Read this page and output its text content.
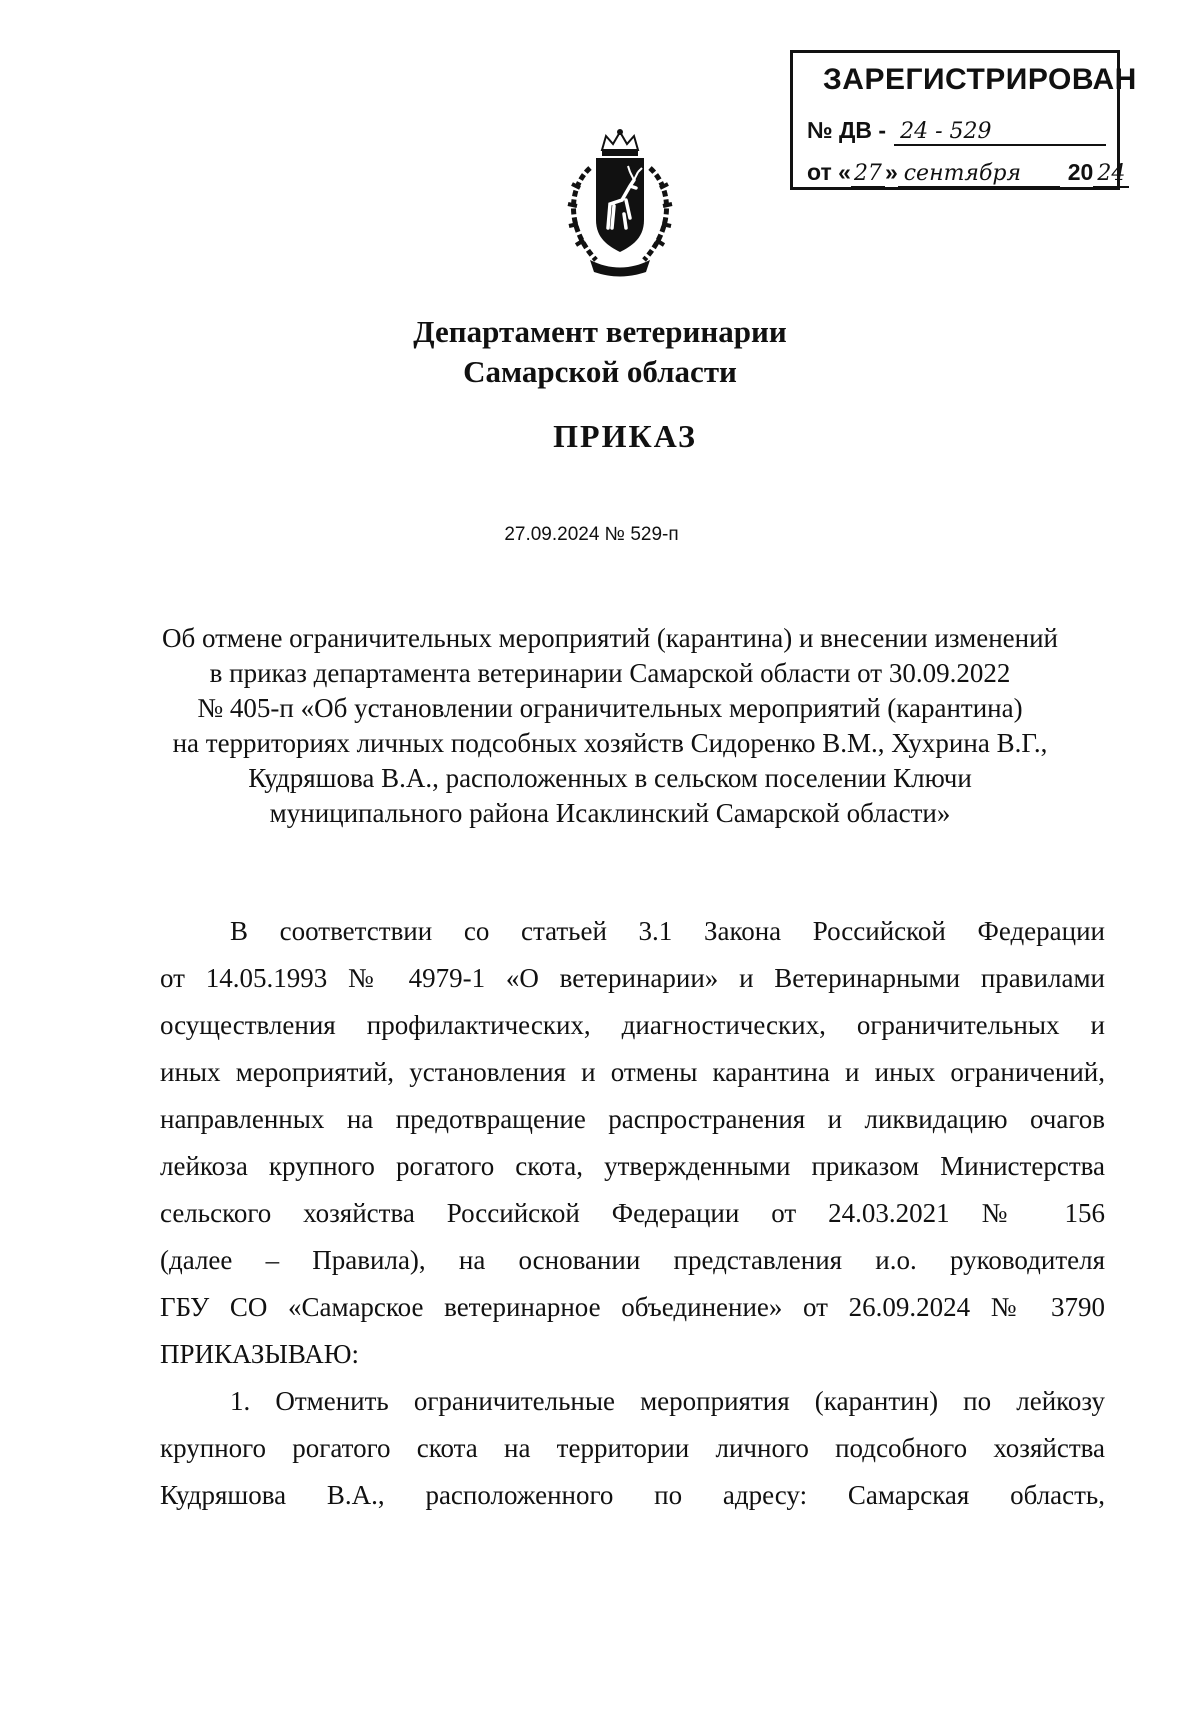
ЗАРЕГИСТРИРОВАН
№ ДВ - 24 - 529
от « 27 » сентября	20 24
Департамент ветеринарии
Самарской области
ПРИКАЗ
27.09.2024 № 529-п
Об отмене ограничительных мероприятий (карантина) и внесении изменений
в приказ департамента ветеринарии Самарской области от 30.09.2022
№ 405-п «Об установлении ограничительных мероприятий (карантина)
на территориях личных подсобных хозяйств Сидоренко В.М., Хухрина В.Г.,
Кудряшова В.А., расположенных в сельском поселении Ключи
муниципального района Исаклинский Самарской области»
В соответствии со статьей 3.1 Закона Российской Федерации
от 14.05.1993 № 4979-1 «О ветеринарии» и Ветеринарными правилами
осуществления профилактических, диагностических, ограничительных и
иных мероприятий, установления и отмены карантина и иных ограничений,
направленных на предотвращение распространения и ликвидацию очагов
лейкоза крупного рогатого скота, утвержденными приказом Министерства
сельского хозяйства Российской Федерации от 24.03.2021 № 156
(далее – Правила), на основании представления и.о. руководителя
ГБУ СО «Самарское ветеринарное объединение» от 26.09.2024 № 3790
ПРИКАЗЫВАЮ:
1. Отменить ограничительные мероприятия (карантин) по лейкозу
крупного рогатого скота на территории личного подсобного хозяйства
Кудряшова В.А., расположенного по адресу: Самарская область,
